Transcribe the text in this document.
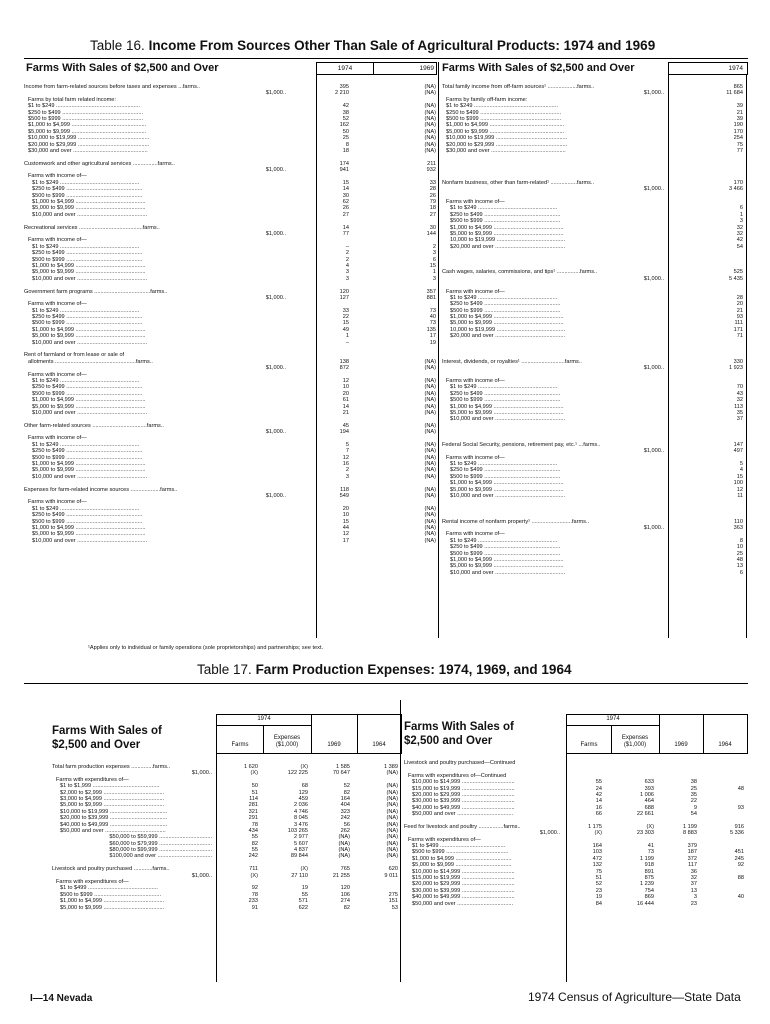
Table 16. Income From Sources Other Than Sale of Agricultural Products: 1974 and 1969
Farms With Sales of $2,500 and Over	1974	1969 Farms With Sales of $2,500 and Over	1974
Income from farm-related sources before taxes and expenses ...farms..	395	(NA)
$1,000..	2 210	(NA)
Farms by total farm related income:
$1 to $249 ......................................................	42	(NA)
$250 to $499 ....................................................	38	(NA)
$500 to $999 ....................................................	52	(NA)
$1,000 to $4,999 ................................................	162	(NA)
$5,000 to $9,999 ................................................	50	(NA)
$10,000 to $19,999 ..............................................	25	(NA)
$20,000 to $29,999 ..............................................	8	(NA)
$30,000 and over ................................................	18	(NA)
Customwork and other agricultural services ................farms..	174	211
$1,000..	941	932
Farms with income of—
$1 to $249 ...................................................	15	33
$250 to $499 .................................................	14	28
$500 to $999 .................................................	30	26
$1,000 to $4,999 .............................................	62	79
$5,000 to $9,999 .............................................	26	18
$10,000 and over .............................................	27	27
Recreational services .........................................farms..	14	30
$1,000..	77	144
Farms with income of—
$1 to $249 ...................................................	–	2
$250 to $499 .................................................	2	3
$500 to $999 .................................................	2	6
$1,000 to $4,999 .............................................	4	15
$5,000 to $9,999 .............................................	3	1
$10,000 and over .............................................	3	3
Government farm programs ....................................farms..	120	357
$1,000..	127	881
Farms with income of—
$1 to $249 ...................................................	33	73
$250 to $499 .................................................	22	40
$500 to $999 .................................................	15	73
$1,000 to $4,999 .............................................	49	135
$5,000 to $9,999 .............................................	1	17
$10,000 and over .............................................	–	19
Rent of farmland or from lease or sale of
allotments ....................................................farms..	138	(NA)
$1,000..	872	(NA)
Farms with income of—
$1 to $249 ...................................................	12	(NA)
$250 to $499 .................................................	10	(NA)
$500 to $999 .................................................	20	(NA)
$1,000 to $4,999 .............................................	61	(NA)
$5,000 to $9,999 .............................................	14	(NA)
$10,000 and over .............................................	21	(NA)
Other farm-related sources ...................................farms..	45	(NA)
$1,000..	194	(NA)
Farms with income of—
$1 to $249 ...................................................	5	(NA)
$250 to $499 .................................................	7	(NA)
$500 to $999 .................................................	12	(NA)
$1,000 to $4,999 .............................................	16	(NA)
$5,000 to $9,999 .............................................	2	(NA)
$10,000 and over .............................................	3	(NA)
Expenses for farm-related income sources ...................farms..	118	(NA)
$1,000..	549	(NA)
Farms with income of—
$1 to $249 ...................................................	20	(NA)
$250 to $499 .................................................	10	(NA)
$500 to $999 .................................................	15	(NA)
$1,000 to $4,999 .............................................	44	(NA)
$5,000 to $9,999 .............................................	12	(NA)
$10,000 and over .............................................	17	(NA)
Total family income from off-farm sources¹ ...................farms..	865
$1,000..	11 684
Farms by family off-farm income:
$1 to $249 ......................................................	39
$250 to $499 ....................................................	21
$500 to $999 ....................................................	39
$1,000 to $4,999 ................................................	190
$5,000 to $9,999 ................................................	170
$10,000 to $19,999 ..............................................	254
$20,000 to $29,999 ..............................................	75
$30,000 and over ................................................	77
Nonfarm business, other than farm-related¹ .................farms..	170
$1,000..	3 466
Farms with income of—
$1 to $249 ...................................................	6
$250 to $499 .................................................	1
$500 to $999 .................................................	3
$1,000 to $4,999 .............................................	32
$5,000 to $9,999 .............................................	32
10,000 to $19,999 ............................................	42
$20,000 and over .............................................	54
Cash wages, salaries, commissions, and tips¹ ...............farms..	525
$1,000..	5 435
Farms with income of—
$1 to $249 ...................................................	28
$250 to $499 .................................................	20
$500 to $999 .................................................	21
$1,000 to $4,999 .............................................	93
$5,000 to $9,999 .............................................	111
10,000 to $19,999 ............................................	171
$20,000 and over .............................................	71
Interest, dividends, or royalties¹ ............................farms..	330
$1,000..	1 923
Farms with income of—
$1 to $249 ...................................................	70
$250 to $499 .................................................	43
$500 to $999 .................................................	32
$1,000 to $4,999 .............................................	113
$5,000 to $9,999 .............................................	35
$10,000 and over .............................................	37
Federal Social Security, pensions, retirement pay, etc.¹ ...farms..	147
$1,000..	497
Farms with income of—
$1 to $249 ...................................................	5
$250 to $499 .................................................	4
$500 to $999 .................................................	15
$1,000 to $4,999 .............................................	100
$5,000 to $9,999 .............................................	12
$10,000 and over .............................................	11
Rental income of nonfarm property¹ ..........................farms..	110
$1,000..	363
Farms with income of—
$1 to $249 ...................................................	8
$250 to $499 .................................................	10
$500 to $999 .................................................	25
$1,000 to $4,999 .............................................	48
$5,000 to $9,999 .............................................	13
$10,000 and over .............................................	6
¹Applies only to individual or family operations (sole proprietorships) and partnerships; see text.
Table 17. Farm Production Expenses: 1974, 1969, and 1964
Farms With Sales of
$2,500 and Over
Farms With Sales of
$2,500 and Over
1974
Farms
Expenses
($1,000)	1969	1964
1974
Farms
Expenses
($1,000)	1969	1964
Total farm production expenses ..............farms..	1 620	(X)	1 585	1 389
$1,000..	(X)	122 225	70 647	(NA)
Farms with expenditures of—
$1 to $1,999 ...........................................	50	68	52	(NA)
$2,000 to $2,999 .......................................	51	129	82	(NA)
$3,000 to $4,999 .......................................	114	459	164	(NA)
$5,000 to $9,999 .......................................	281	2 036	404	(NA)
$10,000 to $19,999 .....................................	321	4 746	323	(NA)
$20,000 to $39,999 .....................................	291	8 045	242	(NA)
$40,000 to $49,999 .....................................	78	3 476	56	(NA)
$50,000 and over .......................................	434	103 265	262	(NA)
$50,000 to $59,999 ..................................	55	2 977	(NA)	(NA)
$60,000 to $79,999 ..................................	82	5 607	(NA)	(NA)
$80,000 to $99,999 ..................................	55	4 837	(NA)	(NA)
$100,000 and over ...................................	242	89 844	(NA)	(NA)
Livestock and poultry purchased ............farms..	711	(X)	765	620
$1,000..	(X)	27 110	21 255	9 011
Farms with expenditures of—
$1 to $499 .............................................	92	19	120
$500 to $999 ...........................................	78	55	106	275
$1,000 to $4,999 .......................................	233	571	274	151
$5,000 to $9,999 .......................................	91	622	82	53
Livestock and poultry purchased—Continued
Farms with expenditures of—Continued
$10,000 to $14,999 ..................................	55	633	38
$15,000 to $19,999 ..................................	24	393	25	48
$20,000 to $29,999 ..................................	42	1 006	35
$30,000 to $39,999 ..................................	14	464	22
$40,000 to $49,999 ..................................	16	688	9	93
$50,000 and over ....................................	66	22 661	54
Feed for livestock and poultry ................farms..	1 175	(X)	1 199	916
$1,000..	(X)	23 303	8 883	5 336
Farms with expenditures of—
$1 to $499 ..........................................	164	41	379
$500 to $999 ........................................	103	73	187	451
$1,000 to $4,999 ....................................	472	1 199	372	245
$5,000 to $9,999 ....................................	132	918	117	92
$10,000 to $14,999 ..................................	75	891	36
$15,000 to $19,999 ..................................	51	875	32	88
$20,000 to $29,999 ..................................	52	1 239	37
$30,000 to $39,999 ..................................	23	754	13
$40,000 to $49,999 ..................................	19	869	3	40
$50,000 and over ....................................	84	16 444	23
I—14 Nevada	1974 Census of Agriculture—State Data
